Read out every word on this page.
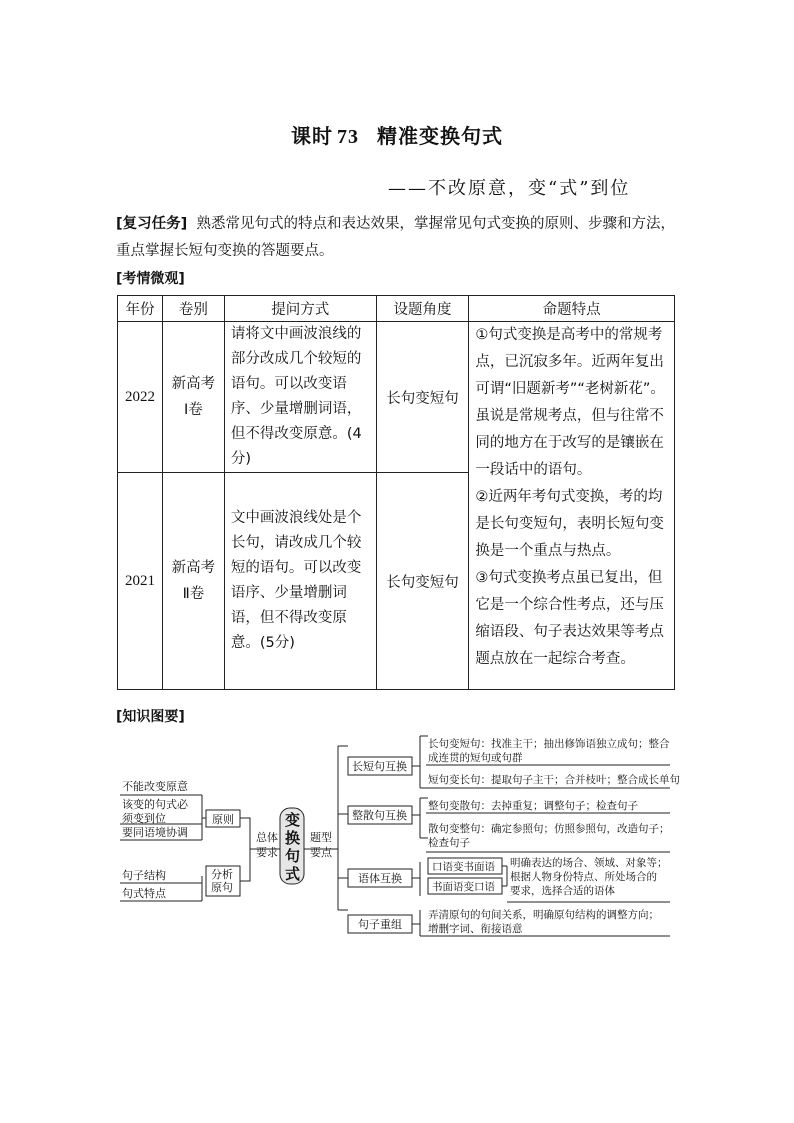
课时 73 精准变换句式
——不改原意，变“式”到位
[复习任务] 熟悉常见句式的特点和表达效果，掌握常见句式变换的原则、步骤和方法，重点掌握长短句变换的答题要点。
[考情微观]
年份	卷别	提问方式	设题角度	命题特点
2022	新高考Ⅰ卷	请将文中画波浪线的部分改成几个较短的语句。可以改变语序、少量增删词语，但不得改变原意。(4分)	长句变短句	①句式变换是高考中的常规考点，已沉寂多年。近两年复出可谓“旧题新考”“老树新花”。虽说是常规考点，但与往常不同的地方在于改写的是镶嵌在一段话中的语句。
②近两年考句式变换，考的均是长句变短句，表明长短句变换是一个重点与热点。
③句式变换考点虽已复出，但它是一个综合性考点，还与压缩语段、句子表达效果等考点题点放在一起综合考查。

2021	新高考Ⅱ卷	文中画波浪线处是个长句，请改成几个较短的语句。可以改变语序、少量增删词语，但不得改变原意。(5分)	长句变短句	
[知识图要]
不能改变原意
该变的句式必 须变到位
要同语境协调
句子结构
句式特点
原则
分析 原句
总体 要求
变 换 句 式
题型 要点
长短句互换
整散句互换
语体互换
句子重组
长句变短句：找准主干；抽出修饰语独立成句；整合 成连贯的短句或句群
短句变长句：提取句子主干；合并枝叶；整合成长单句
整句变散句：去掉重复；调整句子；检查句子
散句变整句：确定参照句；仿照参照句，改造句子； 检查句子
口语变书面语
书面语变口语
明确表达的场合、领域、对象等； 根据人物身份特点、所处场合的 要求，选择合适的语体
弄清原句的句间关系，明确原句结构的调整方向； 增删字词、衔接语意
